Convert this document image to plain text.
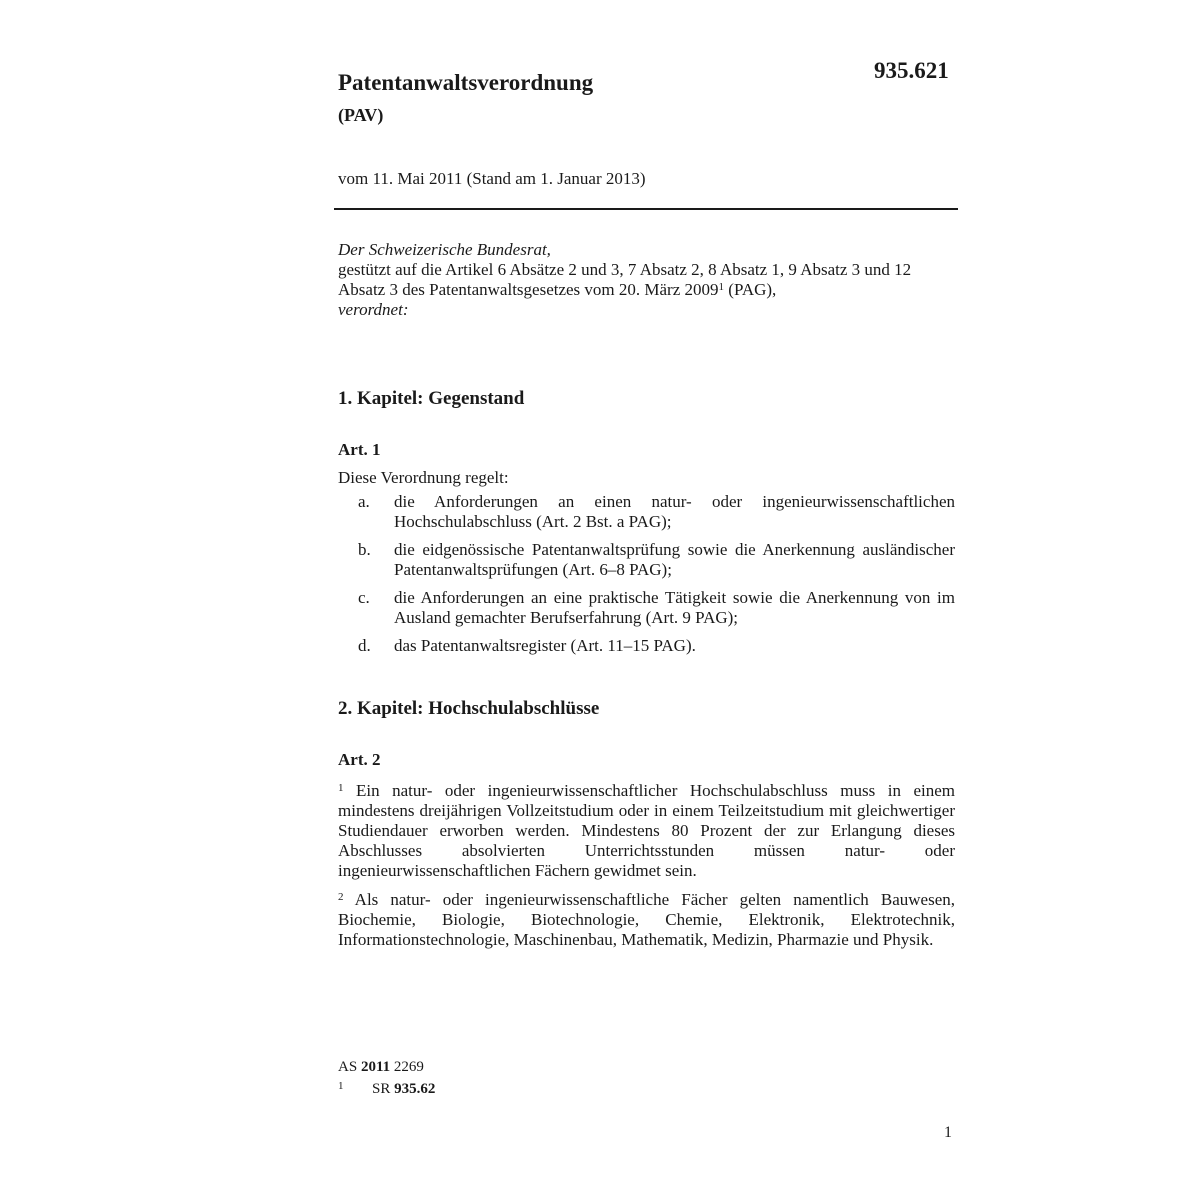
935.621
Patentanwaltsverordnung
(PAV)
vom 11. Mai 2011 (Stand am 1. Januar 2013)

Der Schweizerische Bundesrat,

gestützt auf die Artikel 6 Absätze 2 und 3, 7 Absatz 2, 8 Absatz 1, 9 Absatz 3 und 12 Absatz 3 des Patentanwaltsgesetzes vom 20. März 2009$^1$ (PAG),

verordnet:

1. Kapitel: Gegenstand
Art. 1

Diese Verordnung regelt:

a. die Anforderungen an einen natur- oder ingenieurwissenschaftlichen Hochschulabschluss (Art. 2 Bst. a PAG);
b. die eidgenössische Patentanwaltsprüfung sowie die Anerkennung ausländischer Patentanwaltsprüfungen (Art. 6–8 PAG);
c. die Anforderungen an eine praktische Tätigkeit sowie die Anerkennung von im Ausland gemachter Berufserfahrung (Art. 9 PAG);
d. das Patentanwaltsregister (Art. 11–15 PAG).
2. Kapitel: Hochschulabschlüsse
Art. 2

$^1$ Ein natur- oder ingenieurwissenschaftlicher Hochschulabschluss muss in einem mindestens dreijährigen Vollzeitstudium oder in einem Teilzeitstudium mit gleichwertiger Studiendauer erworben werden. Mindestens 80 Prozent der zur Erlangung dieses Abschlusses absolvierten Unterrichtsstunden müssen natur- oder ingenieurwissenschaftlichen Fächern gewidmet sein.

$^2$ Als natur- oder ingenieurwissenschaftliche Fächer gelten namentlich Bauwesen, Biochemie, Biologie, Biotechnologie, Chemie, Elektronik, Elektrotechnik, Informationstechnologie, Maschinenbau, Mathematik, Medizin, Pharmazie und Physik.

AS 2011 2269
1 SR 935.62
1
